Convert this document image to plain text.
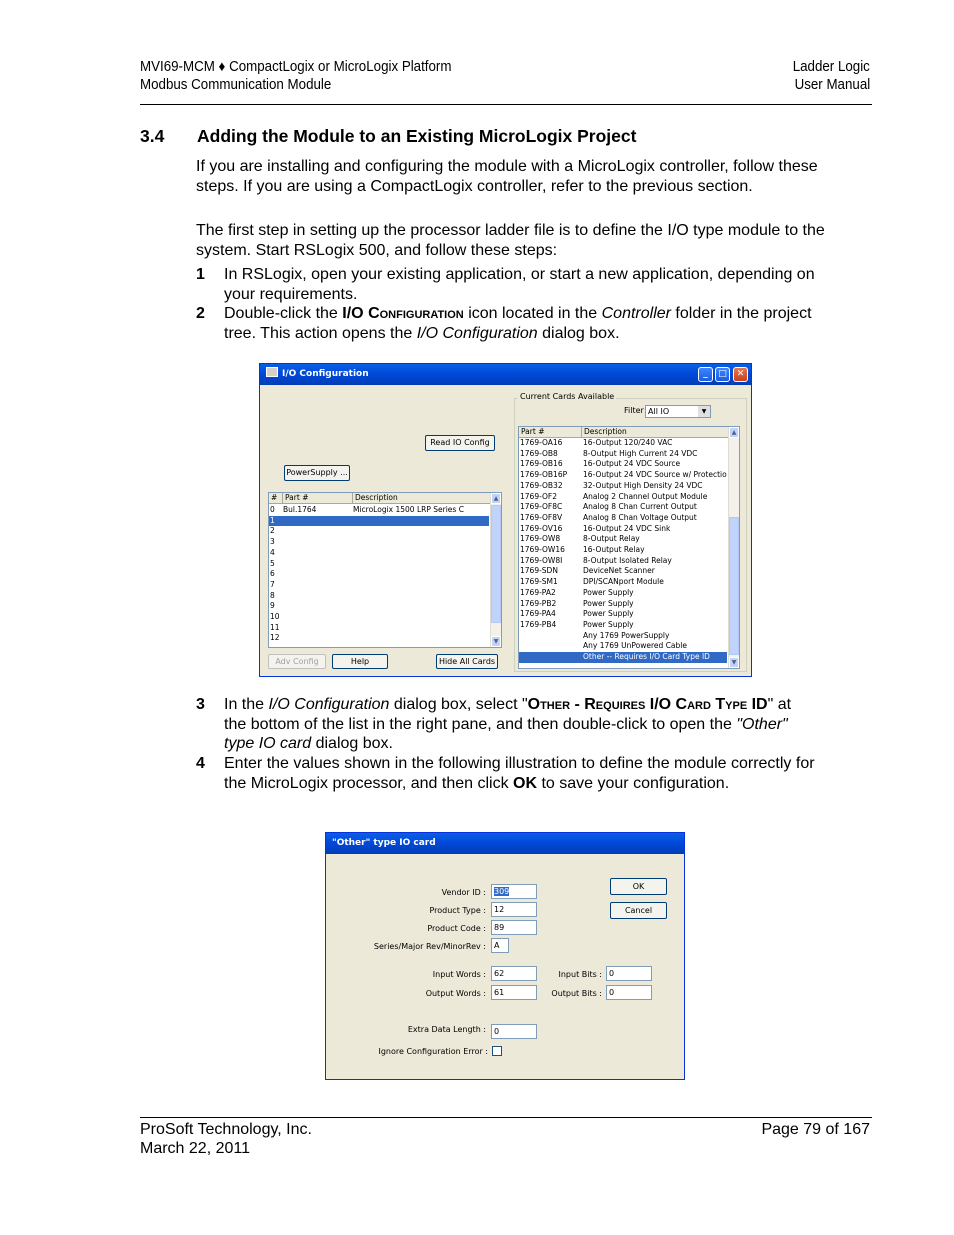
MVI69-MCM ♦ CompactLogix or MicroLogix Platform
Modbus Communication Module
Ladder Logic
User Manual
3.4 Adding the Module to an Existing MicroLogix Project
If you are installing and configuring the module with a MicroLogix controller, follow these steps. If you are using a CompactLogix controller, refer to the previous section.
The first step in setting up the processor ladder file is to define the I/O type module to the system. Start RSLogix 500, and follow these steps:
1 In RSLogix, open your existing application, or start a new application, depending on your requirements.
2 Double-click the I/O Configuration icon located in the Controller folder in the project tree. This action opens the I/O Configuration dialog box.
I/O Configuration	_	□	✕
Read IO Config
PowerSupply ...
#	Part #	Description
0	Bul.1764	MicroLogix 1500 LRP Series C
1
2
3
4
5
6
7
8
9
10
11
12
▲
▼
Adv Config	Help	Hide All Cards
Current Cards Available
Filter All IO	▼
Part #	Description
1769-OA16	16-Output 120/240 VAC
1769-OB8	8-Output High Current 24 VDC
1769-OB16	16-Output 24 VDC Source
1769-OB16P	16-Output 24 VDC Source w/ Protectio
1769-OB32	32-Output High Density 24 VDC
1769-OF2	Analog 2 Channel Output Module
1769-OF8C	Analog 8 Chan Current Output
1769-OF8V	Analog 8 Chan Voltage Output
1769-OV16	16-Output 24 VDC Sink
1769-OW8	8-Output Relay
1769-OW16	16-Output Relay
1769-OW8I	8-Output Isolated Relay
1769-SDN	DeviceNet Scanner
1769-SM1	DPI/SCANport Module
1769-PA2	Power Supply
1769-PB2	Power Supply
1769-PA4	Power Supply
1769-PB4	Power Supply
Any 1769 PowerSupply
Any 1769 UnPowered Cable
Other -- Requires I/O Card Type ID
▲
▼
3 In the I/O Configuration dialog box, select "Other - Requires I/O Card Type ID" at the bottom of the list in the right pane, and then double-click to open the "Other" type IO card dialog box.
4 Enter the values shown in the following illustration to define the module correctly for the MicroLogix processor, and then click OK to save your configuration.
"Other" type IO card
OK
Cancel
Vendor ID :	309
Product Type :	12
Product Code :	89
Series/Major Rev/MinorRev :	A
Input Words :	62
Output Words :	61
Input Bits : 0
Output Bits : 0
Extra Data Length :	0
Ignore Configuration Error :
ProSoft Technology, Inc.
March 22, 2011
Page 79 of 167
